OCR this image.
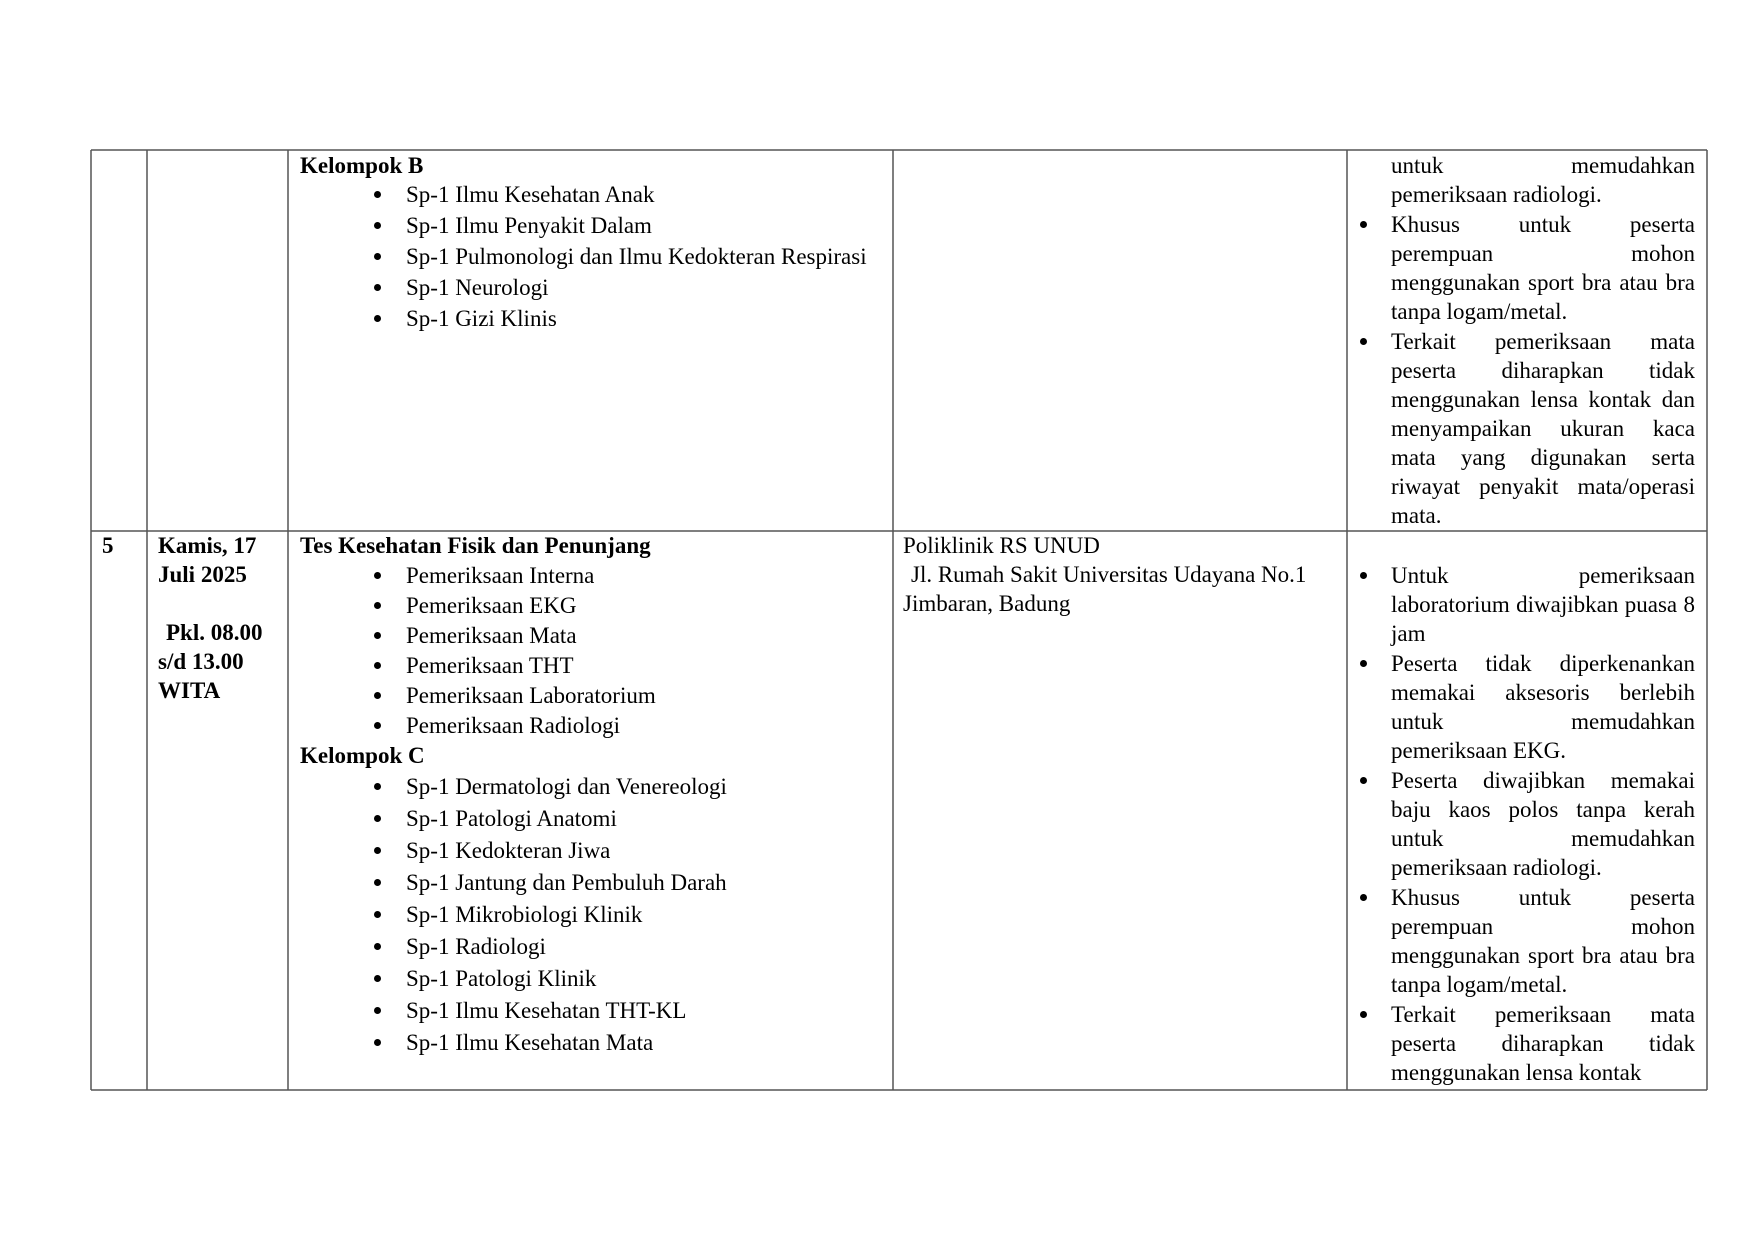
Kelompok B
Sp-1 Ilmu Kesehatan Anak
Sp-1 Ilmu Penyakit Dalam
Sp-1 Pulmonologi dan Ilmu Kedokteran Respirasi
Sp-1 Neurologi
Sp-1 Gizi Klinis
untuk memudahkan pemeriksaan radiologi.
Khusus untuk peserta perempuan mohon menggunakan sport bra atau bra tanpa logam/metal.
Terkait pemeriksaan mata peserta diharapkan tidak menggunakan lensa kontak dan menyampaikan ukuran kaca mata yang digunakan serta riwayat penyakit mata/operasi mata.
5	Kamis, 17
Juli 2025
Pkl. 08.00
s/d 13.00
WITA
Tes Kesehatan Fisik dan Penunjang
Pemeriksaan Interna
Pemeriksaan EKG
Pemeriksaan Mata
Pemeriksaan THT
Pemeriksaan Laboratorium
Pemeriksaan Radiologi
Kelompok C
Sp-1 Dermatologi dan Venereologi
Sp-1 Patologi Anatomi
Sp-1 Kedokteran Jiwa
Sp-1 Jantung dan Pembuluh Darah
Sp-1 Mikrobiologi Klinik
Sp-1 Radiologi
Sp-1 Patologi Klinik
Sp-1 Ilmu Kesehatan THT-KL
Sp-1 Ilmu Kesehatan Mata
Poliklinik RS UNUD
Jl. Rumah Sakit Universitas Udayana No.1
Jimbaran, Badung
Untuk pemeriksaan laboratorium diwajibkan puasa 8 jam
Peserta tidak diperkenankan memakai aksesoris berlebih untuk memudahkan pemeriksaan EKG.
Peserta diwajibkan memakai baju kaos polos tanpa kerah untuk memudahkan pemeriksaan radiologi.
Khusus untuk peserta perempuan mohon menggunakan sport bra atau bra tanpa logam/metal.
Terkait pemeriksaan mata peserta diharapkan tidak menggunakan lensa kontak
